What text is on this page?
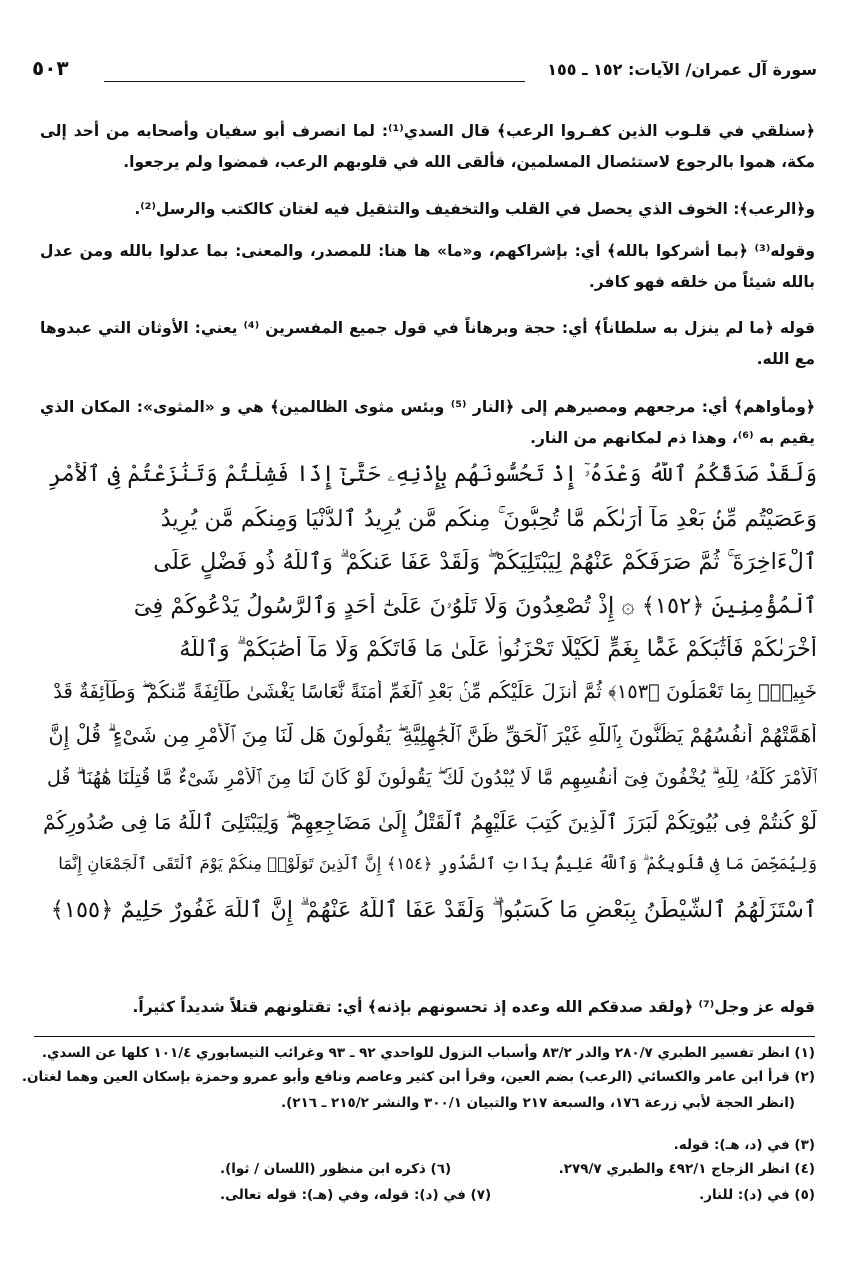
سورة آل عمران/ الآيات: ١٥٢ ـ ١٥٥
٥٠٣
﴿سنلقي في قلـوب الذين كفـروا الرعب﴾ قال السدي⁽¹⁾: لما انصرف أبو سفيان وأصحابه من أحد إلى مكة، هموا بالرجوع لاستئصال المسلمين، فألقى الله في قلوبهم الرعب، فمضوا ولم يرجعوا.
و﴿الرعب﴾: الخوف الذي يحصل في القلب والتخفيف والتثقيل فيه لغتان كالكتب والرسل⁽²⁾.
وقوله⁽³⁾ ﴿بما أشركوا بالله﴾ أي: بإشراكهم، و«ما» ها هنا: للمصدر، والمعنى: بما عدلوا بالله ومن عدل بالله شيئاً من خلقه فهو كافر.
قوله ﴿ما لم ينزل به سلطاناً﴾ أي: حجة وبرهاناً في قول جميع المفسرين ⁽⁴⁾ يعني: الأوثان التي عبدوها مع الله.
﴿ومأواهم﴾ أي: مرجعهم ومصيرهم إلى ﴿النار ⁽⁵⁾ وبئس مثوى الظالمين﴾ هي و «المثوى»: المكان الذي يقيم به ⁽⁶⁾، وهذا ذم لمكانهم من النار.
وَلَقَدْ صَدَقَكُمُ ٱللَّهُ وَعْدَهُۥٓ إِذْ تَحُسُّونَهُم بِإِذْنِهِۦ حَتَّىٰٓ إِذَا فَشِلْتُمْ وَتَنَٰزَعْتُمْ فِى ٱلْأَمْرِ
وَعَصَيْتُم مِّنۢ بَعْدِ مَآ أَرَىٰكُم مَّا تُحِبُّونَ ۚ مِنكُم مَّن يُرِيدُ ٱلدُّنْيَا وَمِنكُم مَّن يُرِيدُ
ٱلْءَاخِرَةَ ۚ ثُمَّ صَرَفَكُمْ عَنْهُمْ لِيَبْتَلِيَكُمْ ۖ وَلَقَدْ عَفَا عَنكُمْ ۗ وَٱللَّهُ ذُو فَضْلٍ عَلَى
ٱلْمُؤْمِنِينَ ﴿١٥٢﴾ ۞ إِذْ تُصْعِدُونَ وَلَا تَلْوُۥنَ عَلَىٰٓ أَحَدٍ وَٱلرَّسُولُ يَدْعُوكُمْ فِىٓ
أُخْرَىٰكُمْ فَأَثَٰبَكُمْ غَمًّۢا بِغَمٍّ لِّكَيْلَا تَحْزَنُوا۟ عَلَىٰ مَا فَاتَكُمْ وَلَا مَآ أَصَٰبَكُمْ ۗ وَٱللَّهُ
خَبِيرٌۢ بِمَا تَعْمَلُونَ ﴿١٥٣﴾ ثُمَّ أَنزَلَ عَلَيْكُم مِّنۢ بَعْدِ ٱلْغَمِّ أَمَنَةً نُّعَاسًا يَغْشَىٰ طَآئِفَةً مِّنكُمْ ۖ وَطَآئِفَةٌ قَدْ
أَهَمَّتْهُمْ أَنفُسُهُمْ يَظُنُّونَ بِٱللَّهِ غَيْرَ ٱلْحَقِّ ظَنَّ ٱلْجَٰهِلِيَّةِ ۖ يَقُولُونَ هَل لَّنَا مِنَ ٱلْأَمْرِ مِن شَىْءٍ ۗ قُلْ إِنَّ
ٱلْأَمْرَ كُلَّهُۥ لِلَّهِ ۗ يُخْفُونَ فِىٓ أَنفُسِهِم مَّا لَا يُبْدُونَ لَكَ ۖ يَقُولُونَ لَوْ كَانَ لَنَا مِنَ ٱلْأَمْرِ شَىْءٌ مَّا قُتِلْنَا هَٰهُنَا ۗ قُل
لَّوْ كُنتُمْ فِى بُيُوتِكُمْ لَبَرَزَ ٱلَّذِينَ كُتِبَ عَلَيْهِمُ ٱلْقَتْلُ إِلَىٰ مَضَاجِعِهِمْ ۖ وَلِيَبْتَلِىَ ٱللَّهُ مَا فِى صُدُورِكُمْ
وَلِيُمَحِّصَ مَا فِى قُلُوبِكُمْ ۗ وَٱللَّهُ عَلِيمٌۢ بِذَاتِ ٱلصُّدُورِ ﴿١٥٤﴾ إِنَّ ٱلَّذِينَ تَوَلَّوْا۟ مِنكُمْ يَوْمَ ٱلْتَقَى ٱلْجَمْعَانِ إِنَّمَا
ٱسْتَزَلَّهُمُ ٱلشَّيْطَٰنُ بِبَعْضِ مَا كَسَبُوا۟ ۖ وَلَقَدْ عَفَا ٱللَّهُ عَنْهُمْ ۗ إِنَّ ٱللَّهَ غَفُورٌ حَلِيمٌ ﴿١٥٥﴾
قوله عز وجل⁽⁷⁾ ﴿ولقد صدقكم الله وعده إذ تحسونهم بإذنه﴾ أي: تقتلونهم قتلاً شديداً كثيراً.
(١) انظر تفسير الطبري ٢٨٠/٧ والدر ٨٣/٢ وأسباب النزول للواحدي ٩٢ ـ ٩٣ وغرائب النيسابوري ١٠١/٤ كلها عن السدي.
(٢) قرأ ابن عامر والكسائي (الرعب) بضم العين، وقرأ ابن كثير وعاصم ونافع وأبو عمرو وحمزة بإسكان العين وهما لغتان.
(انظر الحجة لأبي زرعة ١٧٦، والسبعة ٢١٧ والتبيان ٣٠٠/١ والنشر ٢١٥/٢ ـ ٢١٦).
(٣) في (د، هـ): قوله.
(٤) انظر الزجاج ٤٩٢/١ والطبري ٢٧٩/٧.
(٥) في (د): للنار.
(٦) ذكره ابن منظور (اللسان / ثوا).
(٧) في (د): قوله، وفي (هـ): قوله تعالى.
